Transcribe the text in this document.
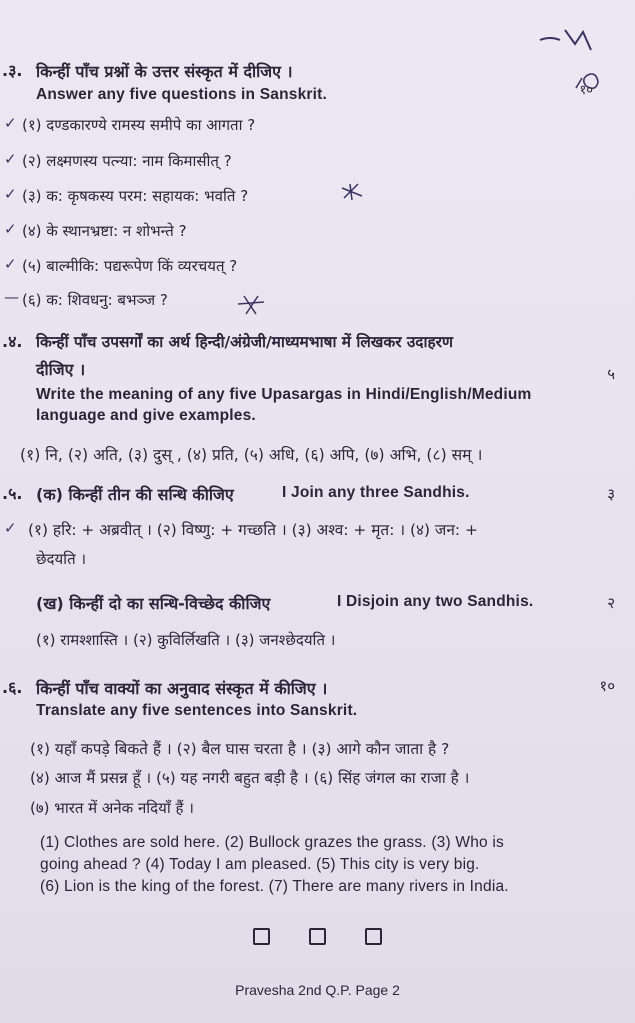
.३. किन्हीं पाँच प्रश्नों के उत्तर संस्कृत में दीजिए ।
Answer any five questions in Sanskrit.	१०
✓ (१) दण्डकारण्ये रामस्य समीपे का आगता ?
✓ (२) लक्ष्मणस्य पत्न्या: नाम किमासीत् ?
✓ (३) क: कृषकस्य परम: सहायक: भवति ?
✓ (४) के स्थानभ्रष्टा: न शोभन्ते ?
✓ (५) बाल्मीकि: पद्यरूपेण किं व्यरचयत् ?
— (६) क: शिवधनु: बभञ्ज ?
.४. किन्हीं पाँच उपसर्गों का अर्थ हिन्दी/अंग्रेजी/माध्यमभाषा में लिखकर उदाहरण
दीजिए ।	५
Write the meaning of any five Upasargas in Hindi/English/Medium
language and give examples.
(१) नि, (२) अति, (३) दुस् , (४) प्रति, (५) अधि, (६) अपि, (७) अभि, (८) सम् ।
.५. (क) किन्हीं तीन की सन्धि कीजिए	I Join any three Sandhis.	३
✓ (१) हरि: + अब्रवीत् । (२) विष्णु: + गच्छति । (३) अश्व: + मृत: । (४) जन: +
छेदयति ।
(ख) किन्हीं दो का सन्धि-विच्छेद कीजिए	I Disjoin any two Sandhis.	२
(१) रामश्शास्ति । (२) कुविर्लिखति । (३) जनश्छेदयति ।
.६. किन्हीं पाँच वाक्यों का अनुवाद संस्कृत में कीजिए ।	१०
Translate any five sentences into Sanskrit.
(१) यहाँ कपड़े बिकते हैं । (२) बैल घास चरता है । (३) आगे कौन जाता है ?
(४) आज मैं प्रसन्न हूँ । (५) यह नगरी बहुत बड़ी है । (६) सिंह जंगल का राजा है ।
(७) भारत में अनेक नदियाँ हैं ।
(1) Clothes are sold here. (2) Bullock grazes the grass. (3) Who is
going ahead ? (4) Today I am pleased. (5) This city is very big.
(6) Lion is the king of the forest. (7) There are many rivers in India.

Pravesha 2nd Q.P. Page 2
